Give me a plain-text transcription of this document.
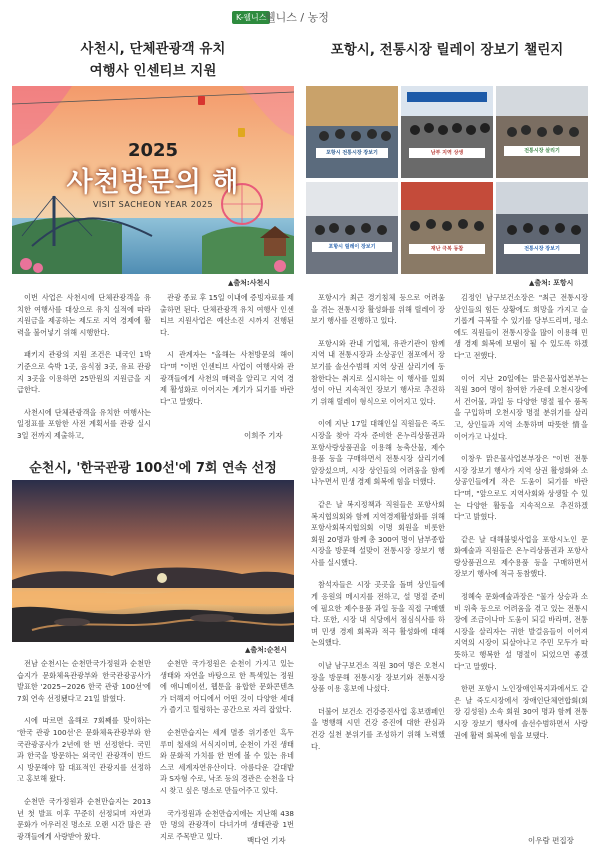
K-웰니스
웰니스 / 농정
사천시, 단체관광객 유치
여행사 인센티브 지원
2025
사천방문의 해
VISIT SACHEON YEAR 2025
▲출처:사천시

이번 사업은 사천시에 단체관광객을 유치한 여행사를 대상으로 유치 실적에 따라 지원금을 제공하는 제도로 지역 경제에 활력을 불어넣기 위해 시행한다.

패키지 관광의 지원 조건은 내국인 1박 기준으로 숙박 1곳, 음식점 3곳, 유료 관광지 3곳을 이용하면 25만원의 지원금을 지급한다.

사천시에 단체관광객을 유치한 여행사는 일정표를 포함한 사전 계획서를 관광 실시 3일 전까지 제출하고,

관광 종료 후 15일 이내에 증빙자료를 제출하면 된다. 단체관광객 유치 여행사 인센티브 지원사업은 예산소진 시까지 진행된다.

시 관계자는 "올해는 사천방문의 해이다"며 "이번 인센티브 사업이 여행사와 관광객들에게 사천의 매력을 알리고 지역 경제 활성화로 이어지는 계기가 되기를 바란다"고 말했다.

이희주 기자
순천시, '한국관광 100선'에 7회 연속 선정
▲출처:순천시

전남 순천시는 순천만국가정원과 순천만습지가 문화체육관광부와 한국관광공사가 발표한 '2025~2026 한국 관광 100선'에 7회 연속 선정됐다고 21일 밝혔다.

시에 따르면 올해로 7회째를 맞이하는 '한국 관광 100선'은 문화체육관광부와 한국관광공사가 2년에 한 번 선정한다. 국민과 한국을 방문하는 외국인 관광객이 반드시 방문해야 할 대표적인 관광지를 선정하고 홍보해 왔다.

순천만 국가정원과 순천만습지는 2013년 첫 발표 이후 꾸준히 선정되며 자연과 문화가 어우러진 명소로 오랜 시간 많은 관광객들에게 사랑받아 왔다.

순천만 국가정원은 순천이 가지고 있는 생태와 자연을 바탕으로 한 특색있는 정원에 애니메이션, 웹툰을 융합한 문화콘텐츠가 더해져 어디에서 어떤 것이 다양한 세대가 즐기고 힐링하는 공간으로 자리 잡았다.

순천만습지는 세계 멸종 위기종인 흑두루미 철새의 서식지이며, 순천이 가진 생태와 문화적 가치를 한 번에 볼 수 있는 유네스코 세계자연유산이다. 아름다운 갈대밭과 S자형 수로, 낙조 등의 경관은 순천을 다시 찾고 싶은 명소로 만들어주고 있다.

국가정원과 순천만습지에는 지난해 438만 명의 관광객이 다녀가며 생태관광 1번지로 주목받고 있다.	백다연 기자
포항시, 전통시장 릴레이 장보기 챌린지
포항시 전통시장 장보기	남부 지역 상생	전통시장 살리기
포항시 릴레이 장보기	재난 극복 동참	전통시장 장보기
▲출처: 포항시

포항시가 최근 경기침체 등으로 어려움을 겪는 전통시장 활성화를 위해 릴레이 장보기 행사를 진행하고 있다.

포항시와 관내 기업체, 유관기관이 함께 지역 내 전통시장과 소상공인 점포에서 장보기를 솔선수범해 지역 상권 살리기에 동참한다는 취지로 실시하는 이 행사를 일회성이 아닌 지속적인 장보기 행사로 추진하기 위해 릴레이 형식으로 이어지고 있다.

이에 지난 17일 대해인실 직원들은 죽도시장을 찾아 각자 준비한 온누리상품권과 포항사랑상품권을 이용해 농축산물, 제수용품 등을 구매하면서 전통시장 살리기에 앞장섰으며, 시장 상인들의 어려움을 함께 나누면서 민생 경제 회복에 힘을 더했다.

같은 날 복지정책과 직원들은 포항사회복지협의회와 함께 지역경제활성화를 위해 포항사회복지협의회 이명 회원을 비롯한 회원 20명과 함께 총 300여 명이 남부종합시장을 방문해 설맞이 전통시장 장보기 행사를 실시했다.

참석자들은 시장 곳곳을 돌며 상인들에게 응원의 메시지를 전하고, 설 명절 준비에 필요한 제수용품 과일 등을 직접 구매했다. 또한, 시장 내 식당에서 점심식사를 하며 민생 경제 회복과 적극 활성화에 대해 논의했다.

이날 남구보건소 직원 30여 명은 오천시장을 방문해 전통시장 장보기와 전통시장 상품 이용 홍보에 나섰다.

더불어 보건소 건강증진사업 홍보캠페인을 병행해 시민 건강 증진에 대한 관심과 건강 실천 분위기를 조성하기 위해 노력했다.

김정인 남구보건소장은 "최근 전통시장 상인들의 힘든 상황에도 희망을 가지고 슬기롭게 극복할 수 있기를 당부드리며, 평소에도 직원들이 전통시장을 많이 이용해 민생 경제 회복에 보탬이 될 수 있도록 하겠다"고 전했다.

이어 지난 20일에는 맑은물사업본부는 직원 30여 명이 참여한 가운데 오천시장에서 건어물, 과일 등 다양한 명절 필수 품목을 구입하며 오천시장 명절 분위기를 살리고, 상인들과 지역 소통하며 따뜻한 情을 이어가고 나섰다.

이창우 맑은물사업본부장은 "이번 전통시장 장보기 행사가 지역 상권 활성화와 소상공인들에게 작은 도움이 되기를 바란다"며, "앞으로도 지역사회와 상생할 수 있는 다양한 활동을 지속적으로 추진하겠다"고 밝혔다.

같은 날 대해불빛사업을 포항시노인 문화예술과 직원들은 온누리상품권과 포항사랑상품권으로 제수용품 등을 구매하면서 장보기 행사에 적극 동참했다.

정혜숙 문화예술과장은 "물가 상승과 소비 위축 등으로 어려움을 겪고 있는 전통시장에 조금이나마 도움이 되길 바라며, 전통시장을 살리자는 귀한 발걸음들이 이어져 지역의 시장이 되살아나고 주민 모두가 따뜻하고 행복한 설 명절이 되었으면 좋겠다"고 말했다.

한편 포항시 노인장애인복지과에서도 같은 날 죽도시장에서 장애인단체연합회(회장 김성원) 소속 회원 30여 명과 함께 전통시장 장보기 행사에 솔선수범하면서 사랑권에 활력 회복에 힘을 보탰다.

이우람 편집장
